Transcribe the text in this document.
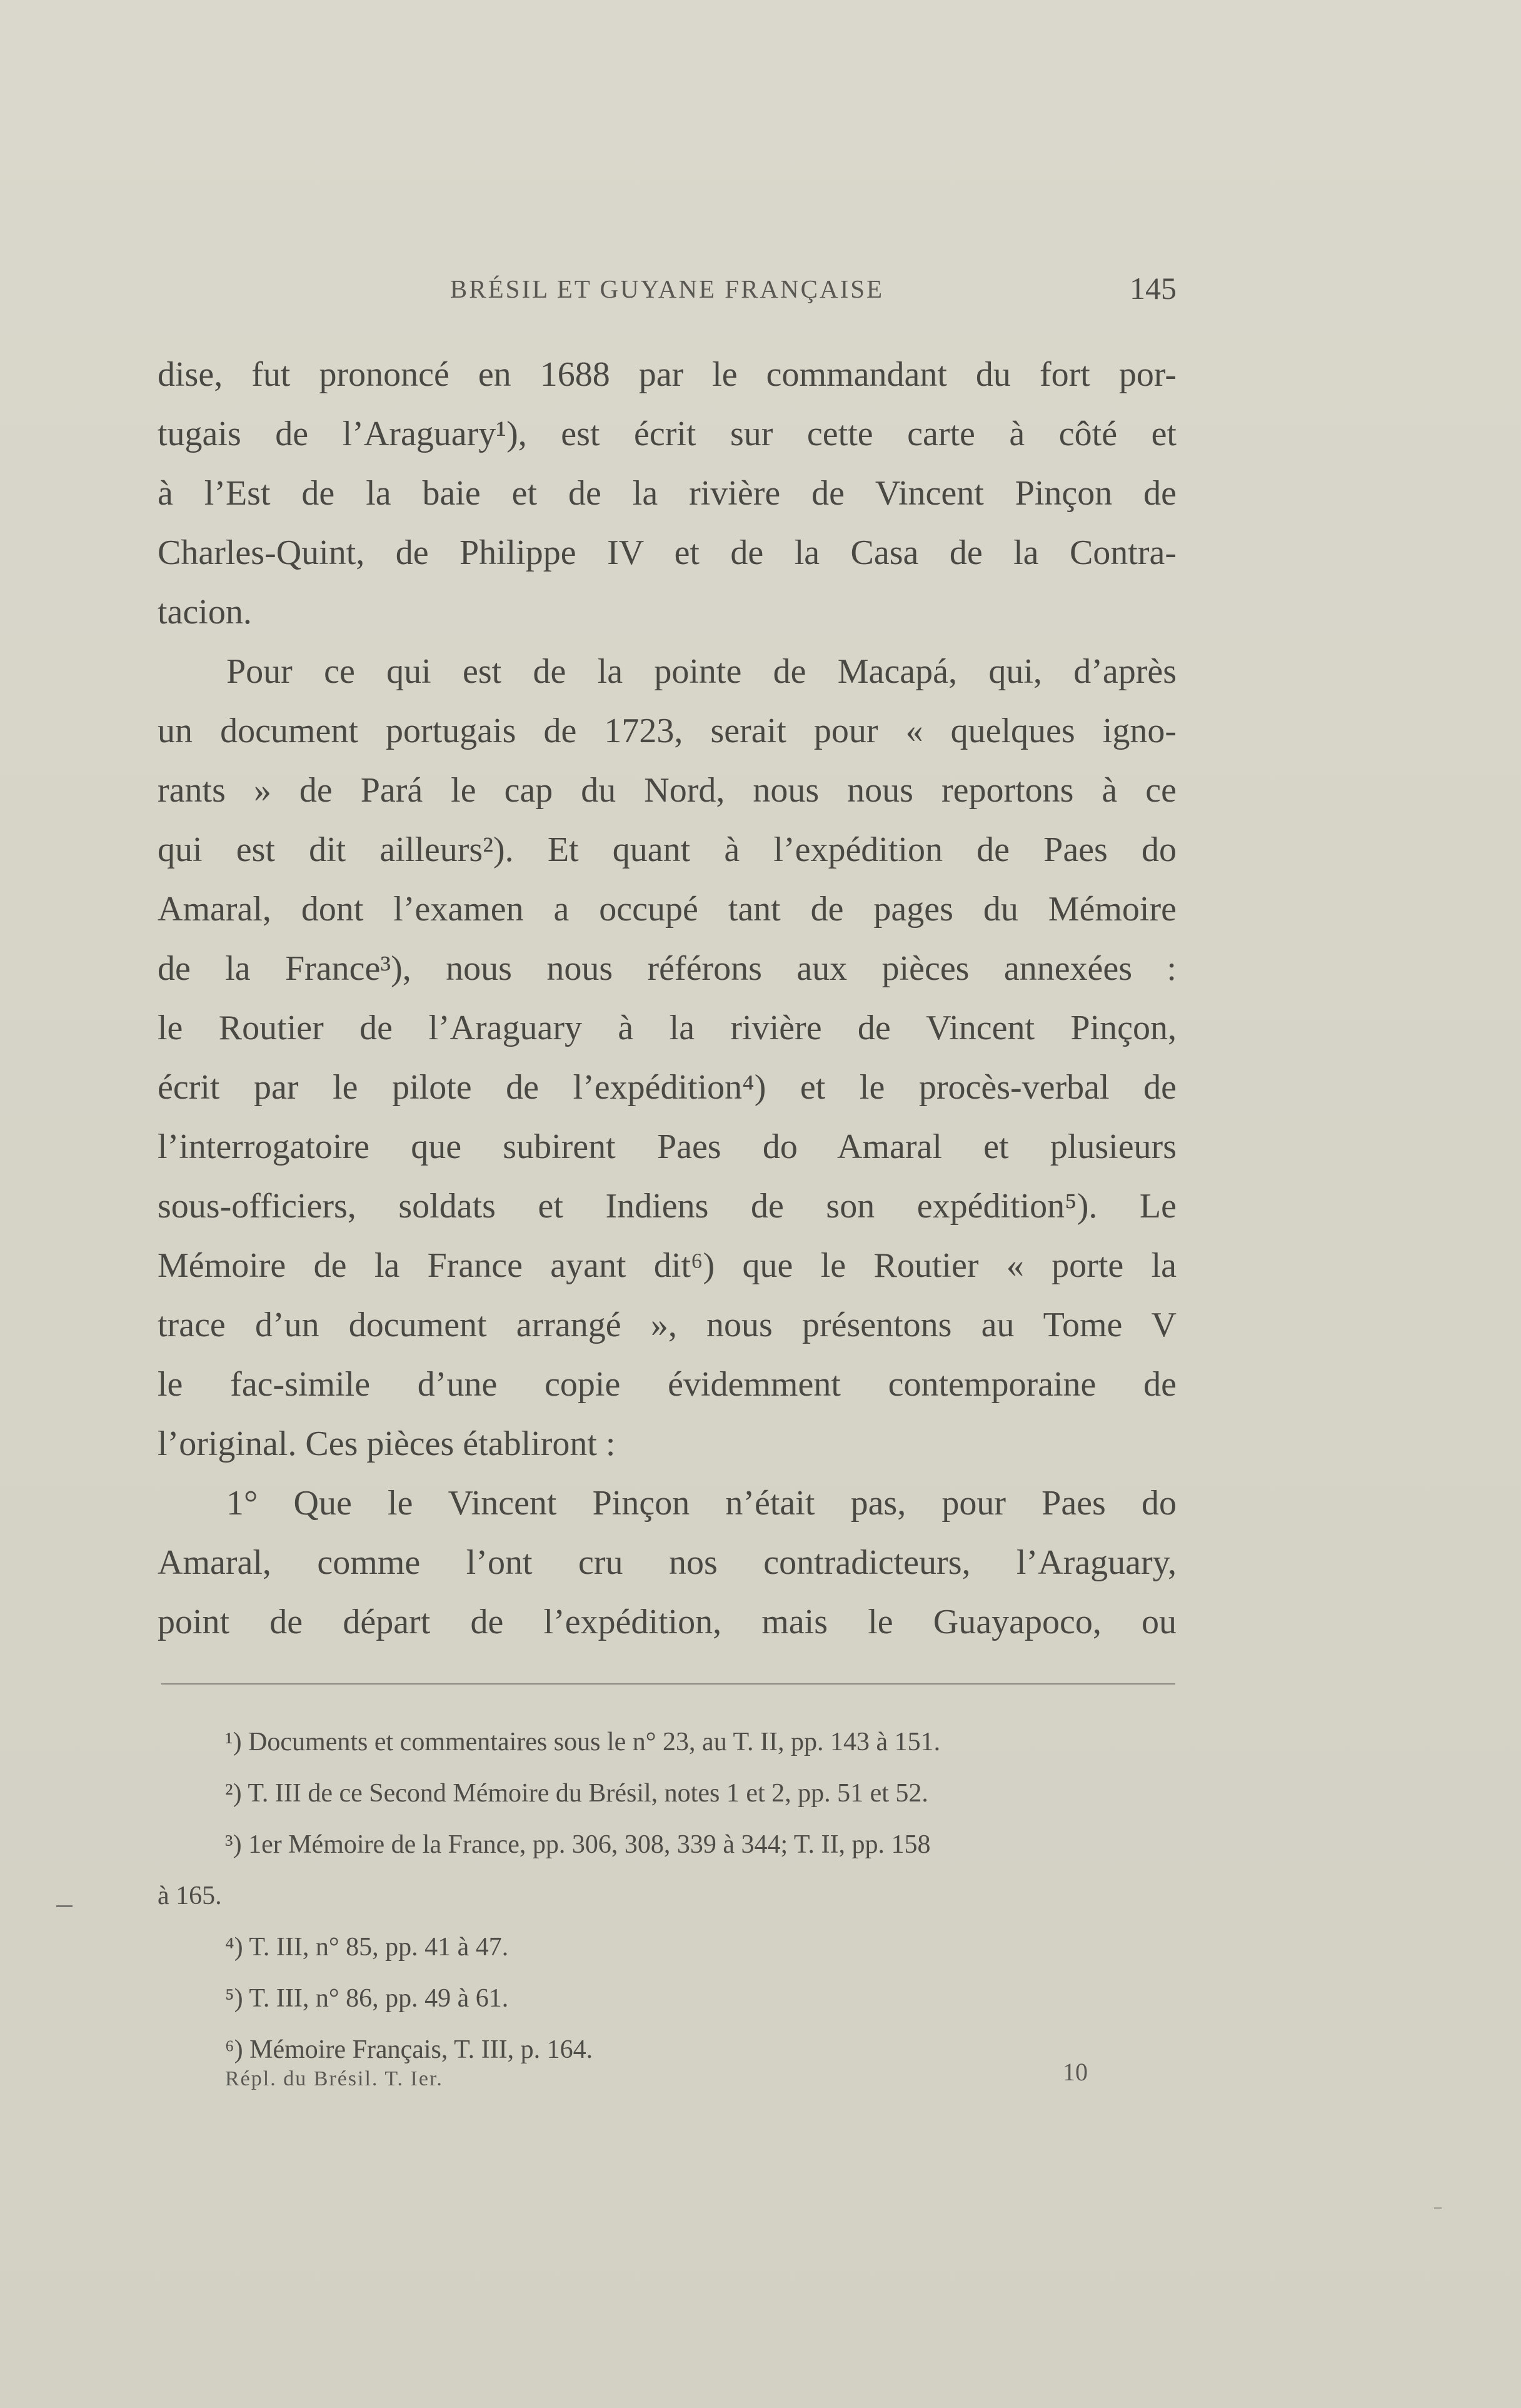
BRÉSIL ET GUYANE FRANÇAISE	145
dise, fut prononcé en 1688 par le commandant du fort por-
tugais de l’Araguary¹), est écrit sur cette carte à côté et
à l’Est de la baie et de la rivière de Vincent Pinçon de
Charles-Quint, de Philippe IV et de la Casa de la Contra-
tacion.
Pour ce qui est de la pointe de Macapá, qui, d’après
un document portugais de 1723, serait pour « quelques igno-
rants » de Pará le cap du Nord, nous nous reportons à ce
qui est dit ailleurs²). Et quant à l’expédition de Paes do
Amaral, dont l’examen a occupé tant de pages du Mémoire
de la France³), nous nous référons aux pièces annexées :
le Routier de l’Araguary à la rivière de Vincent Pinçon,
écrit par le pilote de l’expédition⁴) et le procès-verbal de
l’interrogatoire que subirent Paes do Amaral et plusieurs
sous-officiers, soldats et Indiens de son expédition⁵). Le
Mémoire de la France ayant dit⁶) que le Routier « porte la
trace d’un document arrangé », nous présentons au Tome V
le fac-simile d’une copie évidemment contemporaine de
l’original. Ces pièces établiront :
1° Que le Vincent Pinçon n’était pas, pour Paes do
Amaral, comme l’ont cru nos contradicteurs, l’Araguary,
point de départ de l’expédition, mais le Guayapoco, ou
¹) Documents et commentaires sous le n° 23, au T. II, pp. 143 à 151.
²) T. III de ce Second Mémoire du Brésil, notes 1 et 2, pp. 51 et 52.
³) 1er Mémoire de la France, pp. 306, 308, 339 à 344; T. II, pp. 158
à 165.
⁴) T. III, n° 85, pp. 41 à 47.
⁵) T. III, n° 86, pp. 49 à 61.
⁶) Mémoire Français, T. III, p. 164.
Répl. du Brésil. T. Ier.	10
